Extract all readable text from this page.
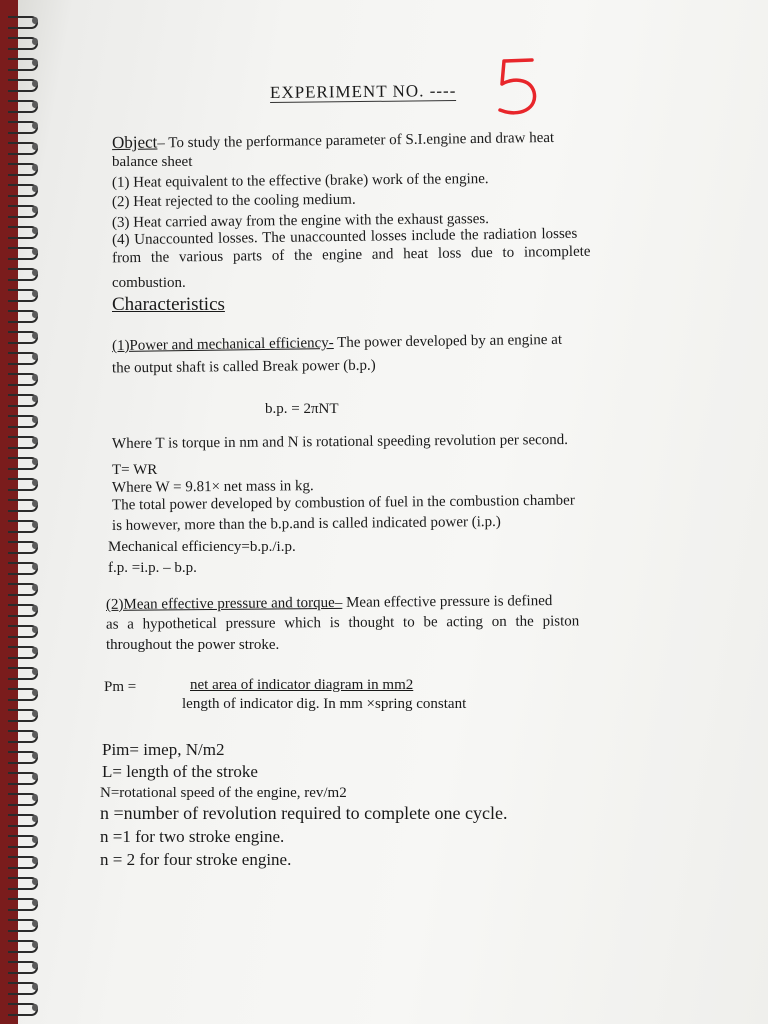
EXPERIMENT NO. ----
Object– To study the performance parameter of S.I.engine and draw heat
balance sheet
(1) Heat equivalent to the effective (brake) work of the engine.
(2) Heat rejected to the cooling medium.
(3) Heat carried away from the engine with the exhaust gasses.
(4) Unaccounted losses. The unaccounted losses include the radiation losses
from the various parts of the engine and heat loss due to incomplete
combustion.
Characteristics
(1)Power and mechanical efficiency- The power developed by an engine at
the output shaft is called Break power (b.p.)
b.p. = 2πNT
Where T is torque in nm and N is rotational speeding revolution per second.
T= WR
Where W = 9.81× net mass in kg.
The total power developed by combustion of fuel in the combustion chamber
is however, more than the b.p.and is called indicated power (i.p.)
Mechanical efficiency=b.p./i.p.
f.p. =i.p. – b.p.
(2)Mean effective pressure and torque– Mean effective pressure is defined
as a hypothetical pressure which is thought to be acting on the piston
throughout the power stroke.
Pm =	net area of indicator diagram in mm2
length of indicator dig. In mm ×spring constant
Pim= imep, N/m2
L= length of the stroke
N=rotational speed of the engine, rev/m2
n =number of revolution required to complete one cycle.
n =1 for two stroke engine.
n = 2 for four stroke engine.
